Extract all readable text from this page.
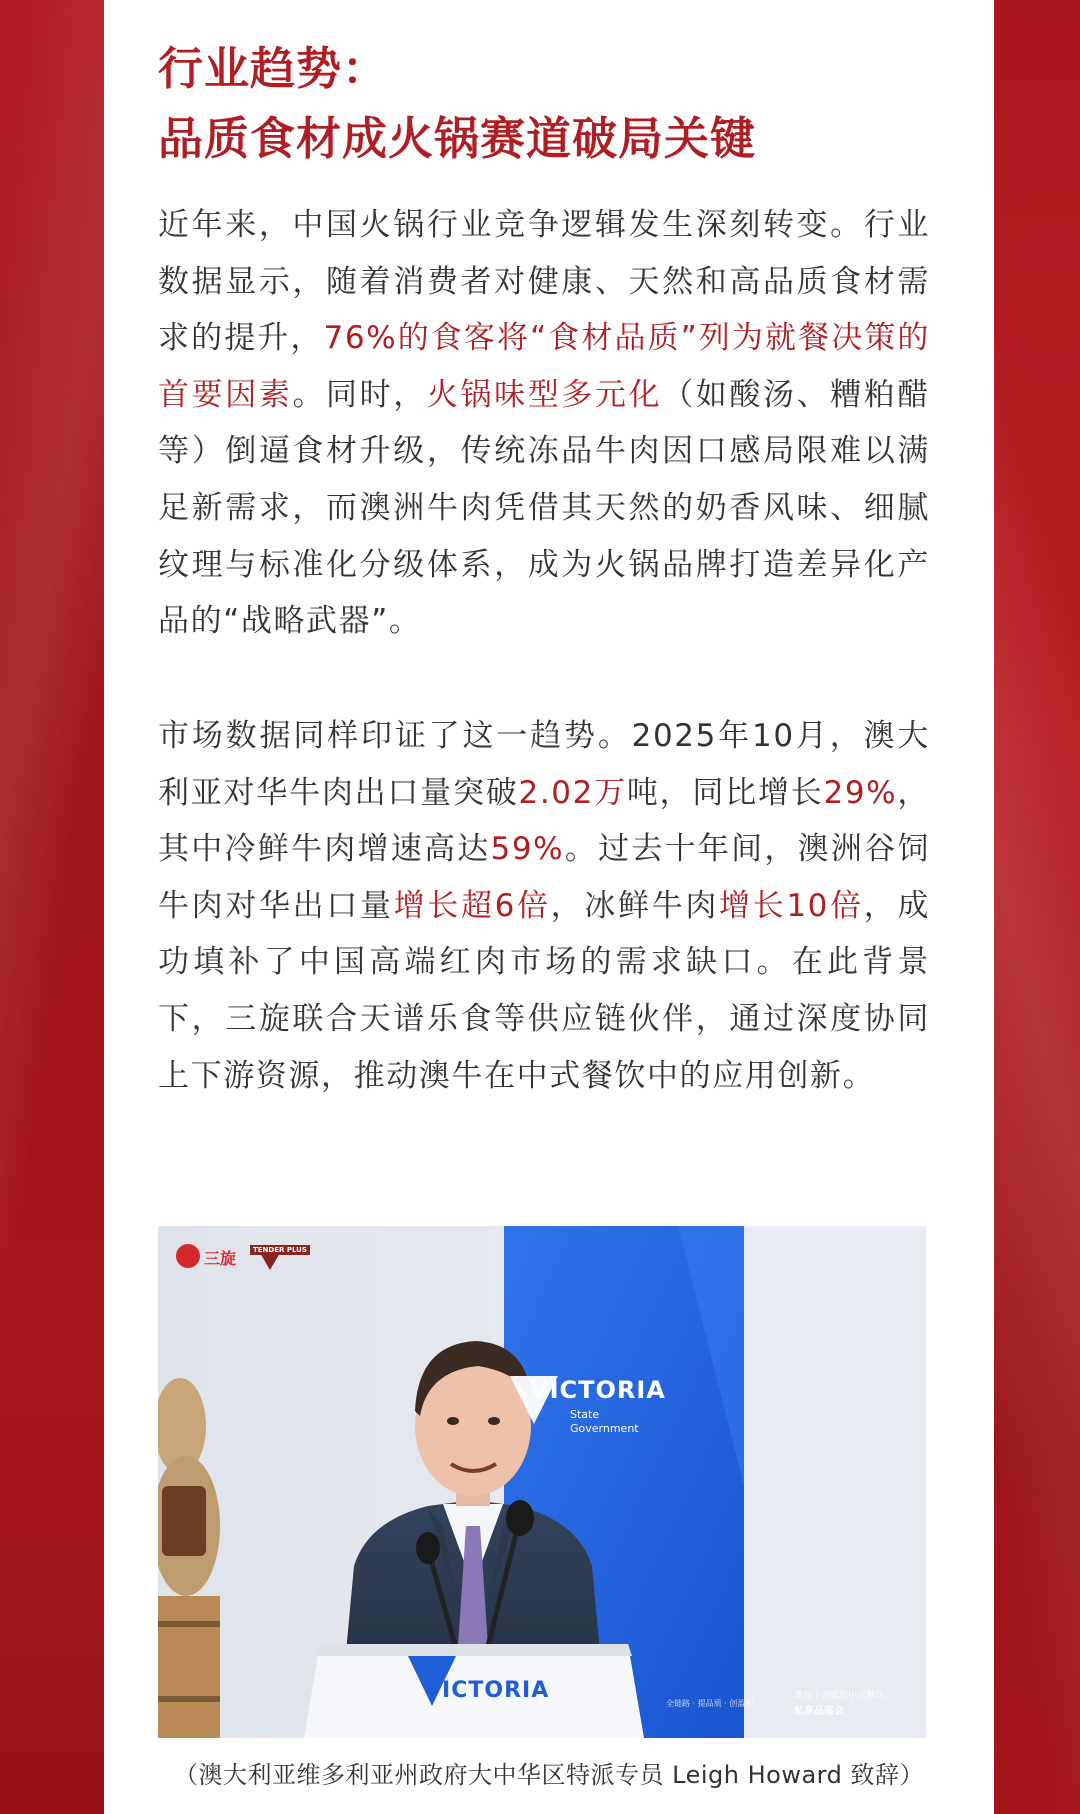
行业趋势：
品质食材成火锅赛道破局关键
近年来，中国火锅行业竞争逻辑发生深刻转变。行业数据显示，随着消费者对健康、天然和高品质食材需求的提升，76%的食客将“食材品质”列为就餐决策的首要因素。同时，火锅味型多元化（如酸汤、糟粕醋等）倒逼食材升级，传统冻品牛肉因口感局限难以满足新需求，而澳洲牛肉凭借其天然的奶香风味、细腻纹理与标准化分级体系，成为火锅品牌打造差异化产品的“战略武器”。
市场数据同样印证了这一趋势。2025年10月，澳大利亚对华牛肉出口量突破2.02万吨，同比增长29%，其中冷鲜牛肉增速高达59%。过去十年间，澳洲谷饲牛肉对华出口量增长超6倍，冰鲜牛肉增长10倍，成功填补了中国高端红肉市场的需求缺口。在此背景下，三旋联合天谱乐食等供应链伙伴，通过深度协同上下游资源，推动澳牛在中式餐饮中的应用创新。
三旋	TENDER PLUS
VICTORIA
State
Government
VICTORIA
全链路 · 提品质 · 创盈利
澳洲牛肉赋能中式餐饮
私享品鉴会
（澳大利亚维多利亚州政府大中华区特派专员 Leigh Howard 致辞）
